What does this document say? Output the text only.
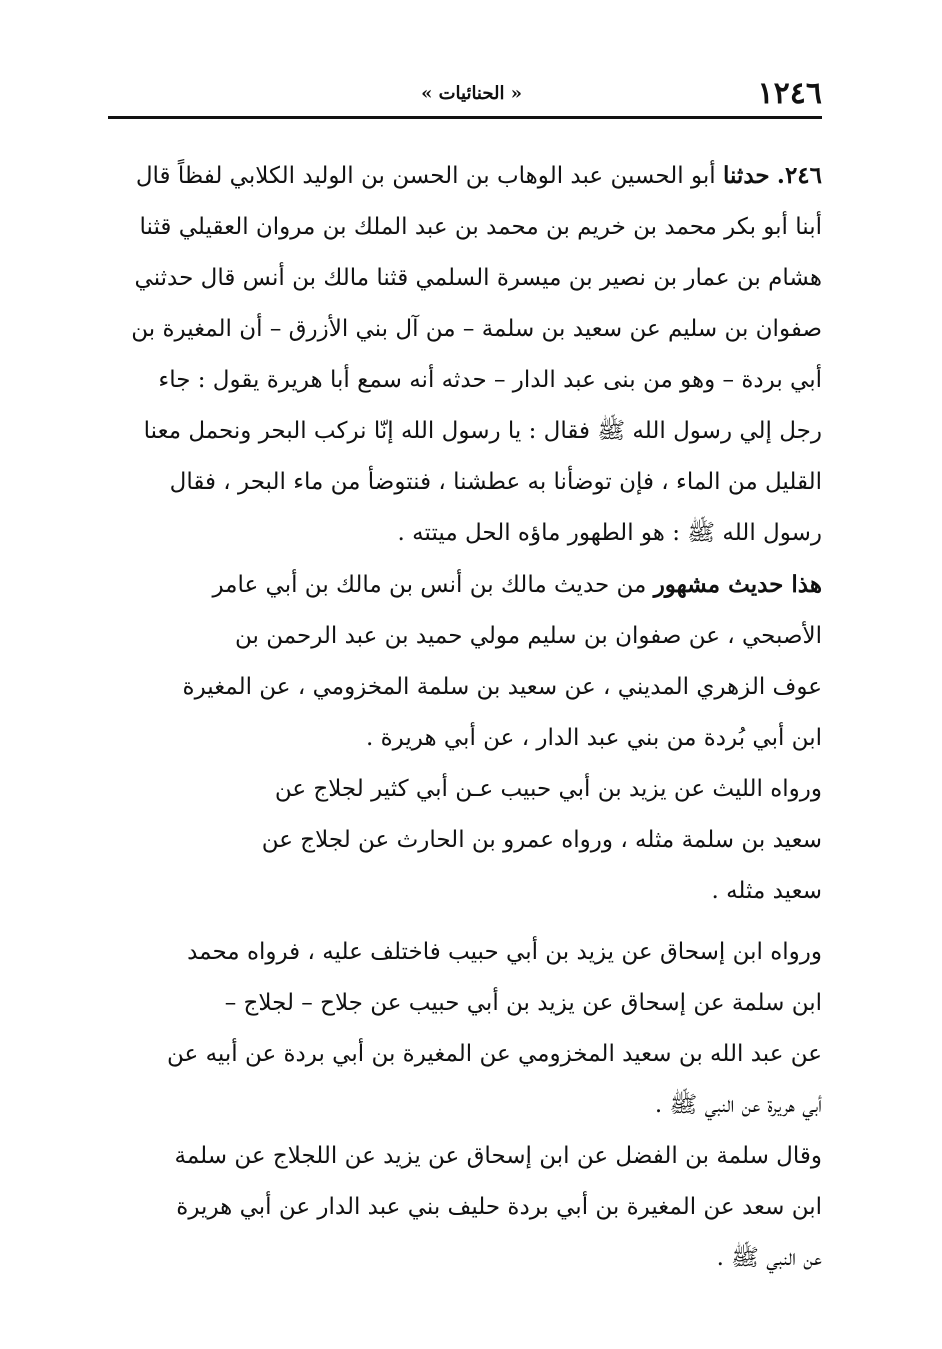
١٢٤٦
« الحنائيات »
٢٤٦. حدثنا أبو الحسين عبد الوهاب بن الحسن بن الوليد الكلابي لفظاً قال
أبنا أبو بكر محمد بن خريم بن محمد بن عبد الملك بن مروان العقيلي قثنا
هشام بن عمار بن نصير بن ميسرة السلمي قثنا مالك بن أنس قال حدثني
صفوان بن سليم عن سعيد بن سلمة – من آل بني الأزرق – أن المغيرة بن
أبي بردة – وهو من بنى عبد الدار – حدثه أنه سمع أبا هريرة يقول : جاء
رجل إلي رسول الله ﷺ فقال : يا رسول الله إنّا نركب البحر ونحمل معنا
القليل من الماء ، فإن توضأنا به عطشنا ، فنتوضأ من ماء البحر ، فقال
رسول الله ﷺ : هو الطهور ماؤه الحل ميتته .
هذا حديث مشهور من حديث مالك بن أنس بن مالك بن أبي عامر
الأصبحي ، عن صفوان بن سليم مولي حميد بن عبد الرحمن بن
عوف الزهري المديني ، عن سعيد بن سلمة المخزومي ، عن المغيرة
ابن أبي بُردة من بني عبد الدار ، عن أبي هريرة .
ورواه الليث عن يزيد بن أبي حبيب عـن أبي كثير لجلاج عن
سعيد بن سلمة مثله ، ورواه عمرو بن الحارث عن لجلاج عن
سعيد مثله .
ورواه ابن إسحاق عن يزيد بن أبي حبيب فاختلف عليه ، فرواه محمد
ابن سلمة عن إسحاق عن يزيد بن أبي حبيب عن جلاح – لجلاج –
عن عبد الله بن سعيد المخزومي عن المغيرة بن أبي بردة عن أبيه عن
أبي هريرة عن النبي ﷺ .
وقال سلمة بن الفضل عن ابن إسحاق عن يزيد عن اللجلاج عن سلمة
ابن سعد عن المغيرة بن أبي بردة حليف بني عبد الدار عن أبي هريرة
عن النبي ﷺ .
